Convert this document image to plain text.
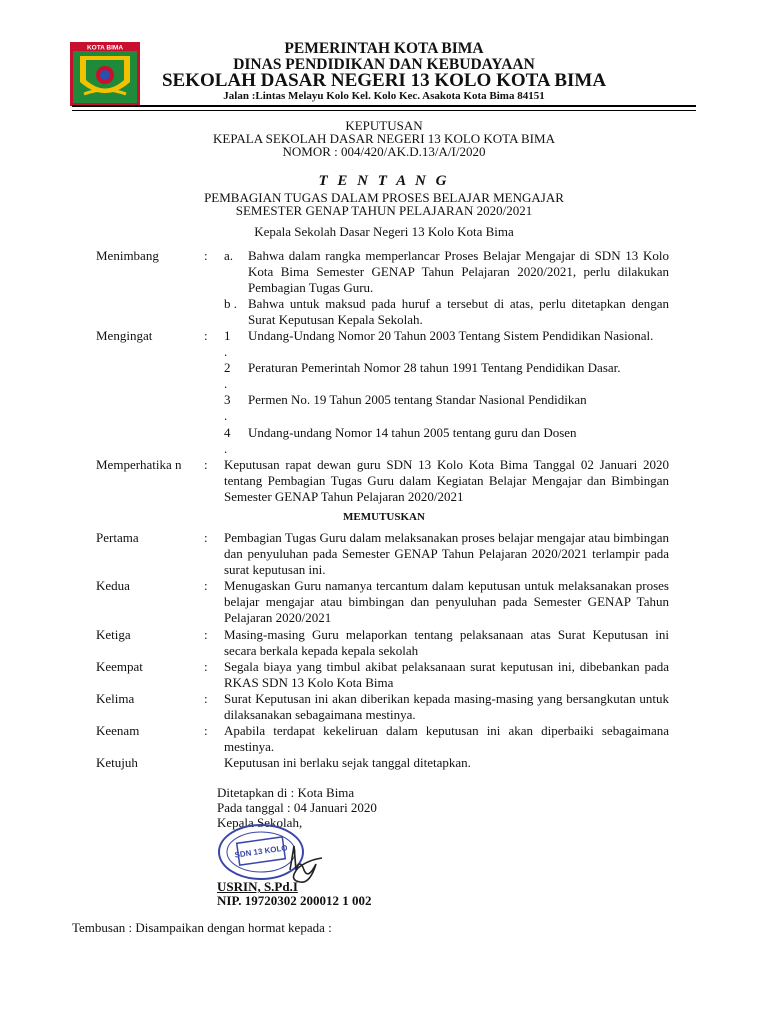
KOTA BIMA	PEMERINTAH KOTA BIMA
DINAS PENDIDIKAN DAN KEBUDAYAAN
SEKOLAH DASAR NEGERI 13 KOLO KOTA BIMA
Jalan :Lintas Melayu Kolo Kel. Kolo Kec. Asakota Kota Bima 84151
KEPUTUSAN
KEPALA SEKOLAH DASAR NEGERI 13 KOLO KOTA BIMA
NOMOR : 004/420/AK.D.13/A/I/2020
T E N T A N G
PEMBAGIAN TUGAS DALAM PROSES BELAJAR MENGAJAR
SEMESTER GENAP TAHUN PELAJARAN 2020/2021
Kepala Sekolah Dasar Negeri 13 Kolo Kota Bima
Menimbang	: a. Bahwa dalam rangka memperlancar Proses Belajar Mengajar di SDN 13 Kolo Kota Bima Semester GENAP Tahun Pelajaran 2020/2021, perlu dilakukan Pembagian Tugas Guru.
b . Bahwa untuk maksud pada huruf a tersebut di atas, perlu ditetapkan dengan Surat Keputusan Kepala Sekolah.
Mengingat	: 1 .
Undang-Undang Nomor 20 Tahun 2003 Tentang Sistem Pendidikan Nasional.
2 .
Peraturan Pemerintah Nomor 28 tahun 1991 Tentang Pendidikan Dasar.
3 .
Permen No. 19 Tahun 2005 tentang Standar Nasional Pendidikan
4 .
Undang-undang Nomor 14 tahun 2005 tentang guru dan Dosen
Memperhatika n	: Keputusan rapat dewan guru SDN 13 Kolo Kota Bima Tanggal 02 Januari 2020 tentang Pembagian Tugas Guru dalam Kegiatan Belajar Mengajar dan Bimbingan Semester GENAP Tahun Pelajaran 2020/2021
MEMUTUSKAN
Pertama	: Pembagian Tugas Guru dalam melaksanakan proses belajar mengajar atau bimbingan dan penyuluhan pada Semester GENAP Tahun Pelajaran 2020/2021 terlampir pada surat keputusan ini.
Kedua	: Menugaskan Guru namanya tercantum dalam keputusan untuk melaksanakan proses belajar mengajar atau bimbingan dan penyuluhan pada Semester GENAP Tahun Pelajaran 2020/2021
Ketiga	: Masing-masing Guru melaporkan tentang pelaksanaan atas Surat Keputusan ini secara berkala kepada kepala sekolah
Keempat	: Segala biaya yang timbul akibat pelaksanaan surat keputusan ini, dibebankan pada RKAS SDN 13 Kolo Kota Bima
Kelima	: Surat Keputusan ini akan diberikan kepada masing-masing yang bersangkutan untuk dilaksanakan sebagaimana mestinya.
Keenam	: Apabila terdapat kekeliruan dalam keputusan ini akan diperbaiki sebagaimana mestinya.
Ketujuh	Keputusan ini berlaku sejak tanggal ditetapkan.
Ditetapkan di : Kota Bima
Pada tanggal : 04 Januari 2020
Kepala Sekolah,
SDN 13 KOLO
USRIN, S.Pd.I
NIP. 19720302 200012 1 002
Tembusan : Disampaikan dengan hormat kepada :
